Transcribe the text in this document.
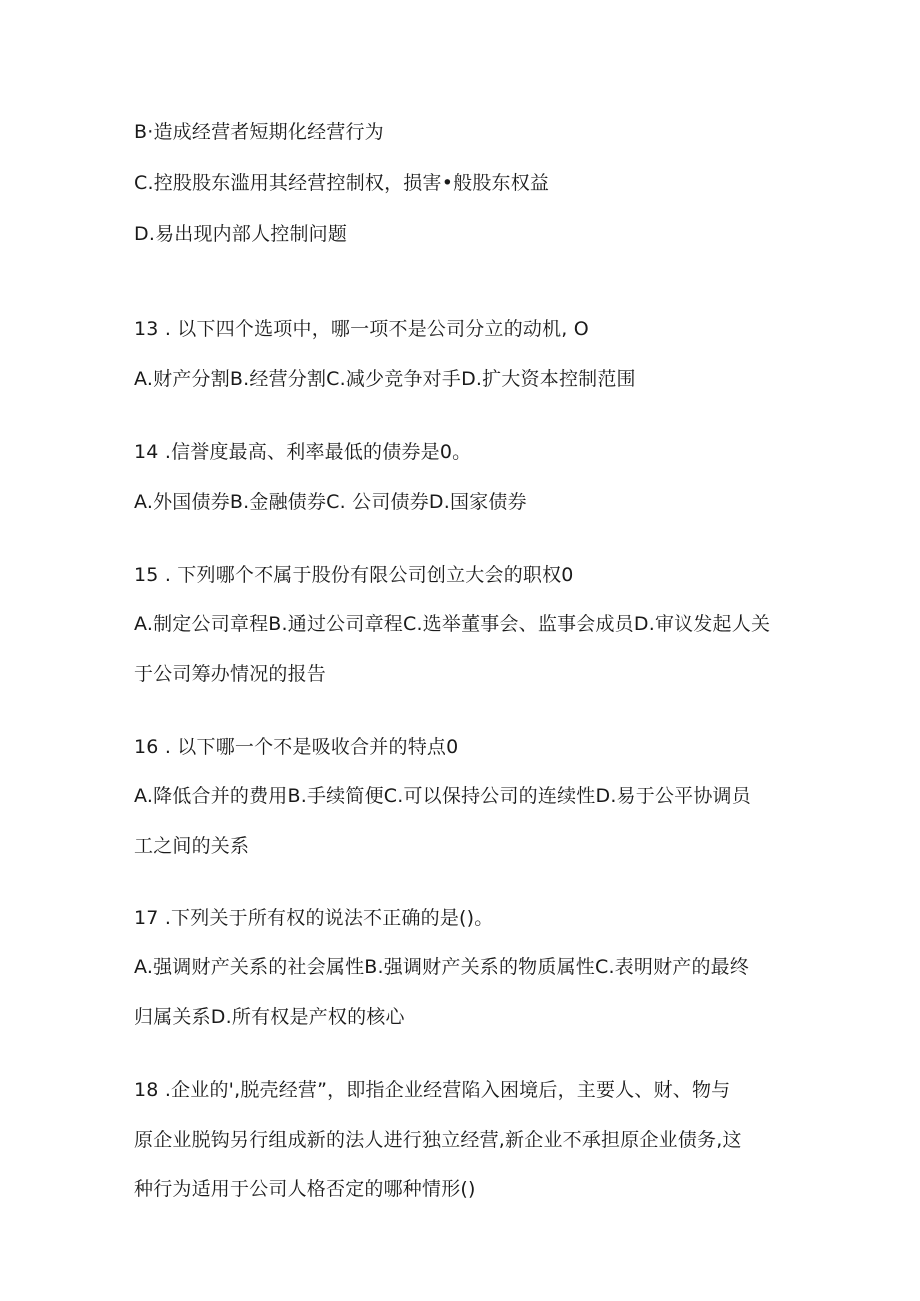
B·造成经营者短期化经营行为
C.控股股东滥用其经营控制权，损害•般股东权益
D.易出现内部人控制问题
13 . 以下四个选项中，哪一项不是公司分立的动机, O
A.财产分割B.经营分割C.减少竞争对手D.扩大资本控制范围
14 .信誉度最高、利率最低的债券是0。
A.外国债券B.金融债券C. 公司债券D.国家债券
15 . 下列哪个不属于股份有限公司创立大会的职权0
A.制定公司章程B.通过公司章程C.选举董事会、监事会成员D.审议发起人关
于公司筹办情况的报告
16 . 以下哪一个不是吸收合并的特点0
A.降低合并的费用B.手续简便C.可以保持公司的连续性D.易于公平协调员
工之间的关系
17 .下列关于所有权的说法不正确的是()。
A.强调财产关系的社会属性B.强调财产关系的物质属性C.表明财产的最终
归属关系D.所有权是产权的核心
18 .企业的',脱壳经营”，即指企业经营陷入困境后，主要人、财、物与
原企业脱钩另行组成新的法人进行独立经营,新企业不承担原企业债务,这
种行为适用于公司人格否定的哪种情形()
